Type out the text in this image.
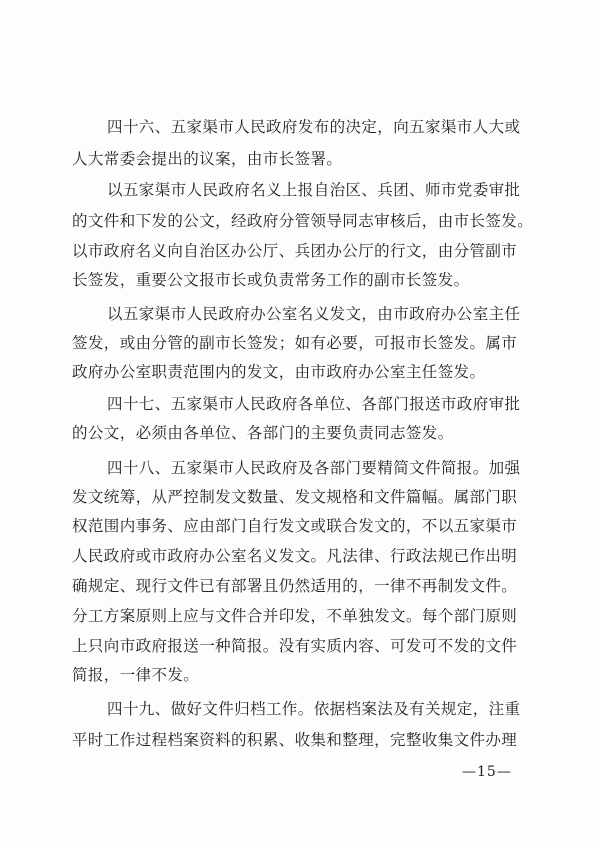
四十六、五家渠市人民政府发布的决定，向五家渠市人大或
人大常委会提出的议案，由市长签署。
以五家渠市人民政府名义上报自治区、兵团、师市党委审批
的文件和下发的公文，经政府分管领导同志审核后，由市长签发。
以市政府名义向自治区办公厅、兵团办公厅的行文，由分管副市
长签发，重要公文报市长或负责常务工作的副市长签发。
以五家渠市人民政府办公室名义发文，由市政府办公室主任
签发，或由分管的副市长签发；如有必要，可报市长签发。属市
政府办公室职责范围内的发文，由市政府办公室主任签发。
四十七、五家渠市人民政府各单位、各部门报送市政府审批
的公文，必须由各单位、各部门的主要负责同志签发。
四十八、五家渠市人民政府及各部门要精简文件简报。加强
发文统筹，从严控制发文数量、发文规格和文件篇幅。属部门职
权范围内事务、应由部门自行发文或联合发文的，不以五家渠市
人民政府或市政府办公室名义发文。凡法律、行政法规已作出明
确规定、现行文件已有部署且仍然适用的，一律不再制发文件。
分工方案原则上应与文件合并印发，不单独发文。每个部门原则
上只向市政府报送一种简报。没有实质内容、可发可不发的文件
简报，一律不发。
四十九、做好文件归档工作。依据档案法及有关规定，注重
平时工作过程档案资料的积累、收集和整理，完整收集文件办理
—15—
